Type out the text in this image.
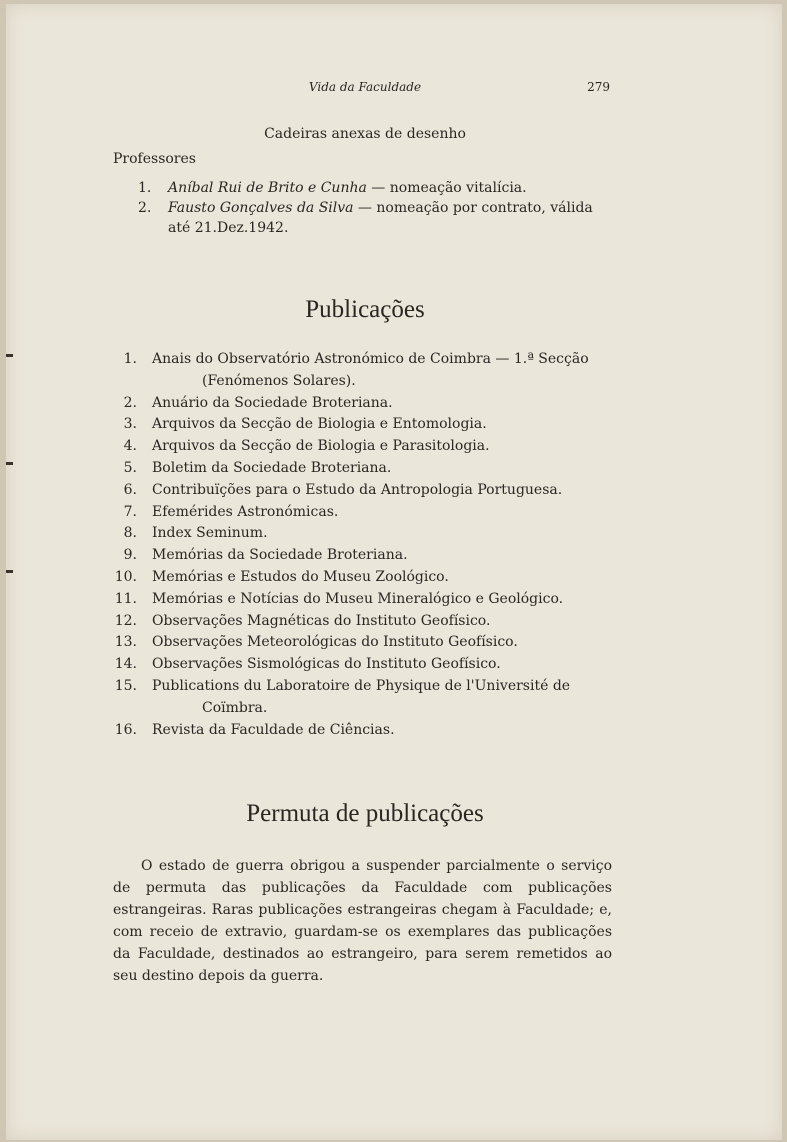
Vida da Faculdade	279
Cadeiras anexas de desenho
Professores
1. Aníbal Rui de Brito e Cunha — nomeação vitalícia.
2. Fausto Gonçalves da Silva — nomeação por contrato, válida
até 21.Dez.1942.
Publicações
1. Anais do Observatório Astronómico de Coimbra — 1.ª Secção
(Fenómenos Solares).
2. Anuário da Sociedade Broteriana.
3. Arquivos da Secção de Biologia e Entomologia.
4. Arquivos da Secção de Biologia e Parasitologia.
5. Boletim da Sociedade Broteriana.
6. Contribuïções para o Estudo da Antropologia Portuguesa.
7. Efemérides Astronómicas.
8. Index Seminum.
9. Memórias da Sociedade Broteriana.
10. Memórias e Estudos do Museu Zoológico.
11. Memórias e Notícias do Museu Mineralógico e Geológico.
12. Observações Magnéticas do Instituto Geofísico.
13. Observações Meteorológicas do Instituto Geofísico.
14. Observações Sismológicas do Instituto Geofísico.
15. Publications du Laboratoire de Physique de l'Université de
Coïmbra.
16. Revista da Faculdade de Ciências.
Permuta de publicações
O estado de guerra obrigou a suspender parcialmente o serviço de permuta das publicações da Faculdade com publicações estrangeiras. Raras publicações estrangeiras chegam à Faculdade; e, com receio de extravio, guardam-se os exemplares das publicações da Faculdade, destinados ao estrangeiro, para serem remetidos ao seu destino depois da guerra.
